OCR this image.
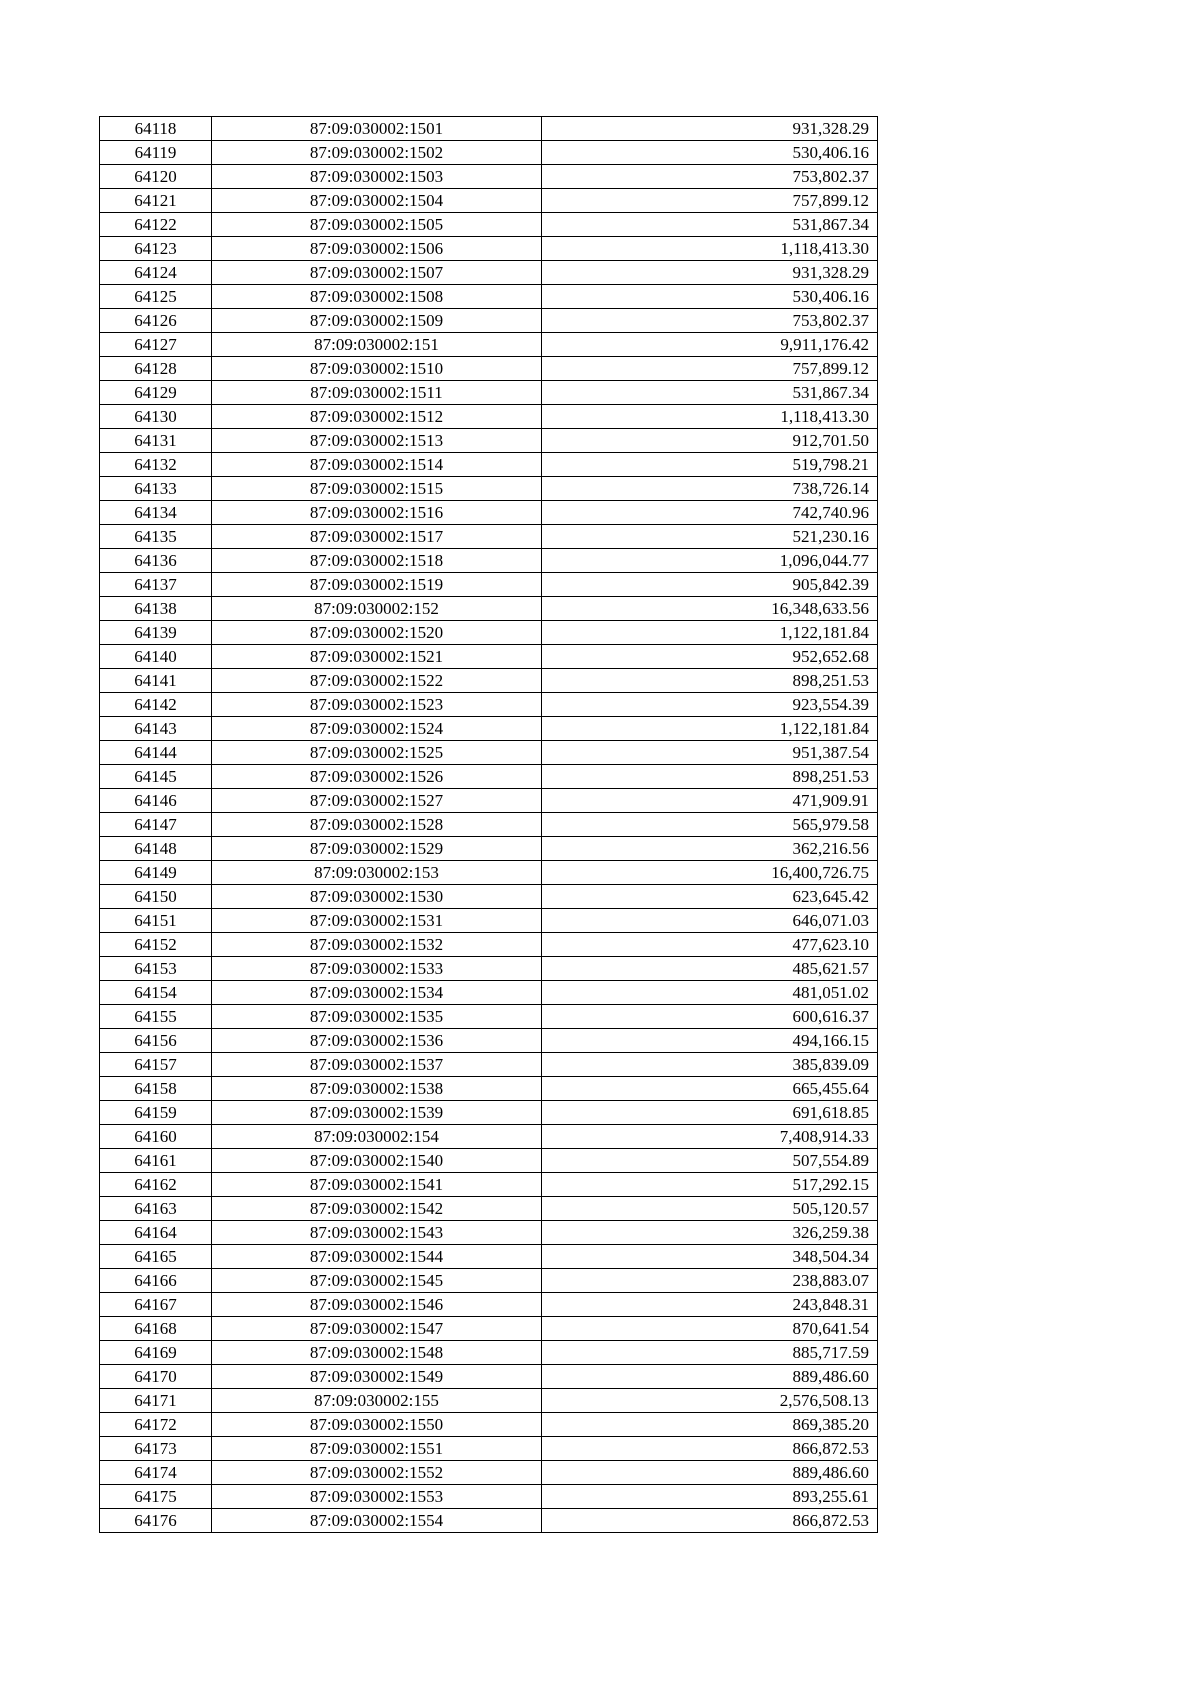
64118	87:09:030002:1501	931,328.29
64119	87:09:030002:1502	530,406.16
64120	87:09:030002:1503	753,802.37
64121	87:09:030002:1504	757,899.12
64122	87:09:030002:1505	531,867.34
64123	87:09:030002:1506	1,118,413.30
64124	87:09:030002:1507	931,328.29
64125	87:09:030002:1508	530,406.16
64126	87:09:030002:1509	753,802.37
64127	87:09:030002:151	9,911,176.42
64128	87:09:030002:1510	757,899.12
64129	87:09:030002:1511	531,867.34
64130	87:09:030002:1512	1,118,413.30
64131	87:09:030002:1513	912,701.50
64132	87:09:030002:1514	519,798.21
64133	87:09:030002:1515	738,726.14
64134	87:09:030002:1516	742,740.96
64135	87:09:030002:1517	521,230.16
64136	87:09:030002:1518	1,096,044.77
64137	87:09:030002:1519	905,842.39
64138	87:09:030002:152	16,348,633.56
64139	87:09:030002:1520	1,122,181.84
64140	87:09:030002:1521	952,652.68
64141	87:09:030002:1522	898,251.53
64142	87:09:030002:1523	923,554.39
64143	87:09:030002:1524	1,122,181.84
64144	87:09:030002:1525	951,387.54
64145	87:09:030002:1526	898,251.53
64146	87:09:030002:1527	471,909.91
64147	87:09:030002:1528	565,979.58
64148	87:09:030002:1529	362,216.56
64149	87:09:030002:153	16,400,726.75
64150	87:09:030002:1530	623,645.42
64151	87:09:030002:1531	646,071.03
64152	87:09:030002:1532	477,623.10
64153	87:09:030002:1533	485,621.57
64154	87:09:030002:1534	481,051.02
64155	87:09:030002:1535	600,616.37
64156	87:09:030002:1536	494,166.15
64157	87:09:030002:1537	385,839.09
64158	87:09:030002:1538	665,455.64
64159	87:09:030002:1539	691,618.85
64160	87:09:030002:154	7,408,914.33
64161	87:09:030002:1540	507,554.89
64162	87:09:030002:1541	517,292.15
64163	87:09:030002:1542	505,120.57
64164	87:09:030002:1543	326,259.38
64165	87:09:030002:1544	348,504.34
64166	87:09:030002:1545	238,883.07
64167	87:09:030002:1546	243,848.31
64168	87:09:030002:1547	870,641.54
64169	87:09:030002:1548	885,717.59
64170	87:09:030002:1549	889,486.60
64171	87:09:030002:155	2,576,508.13
64172	87:09:030002:1550	869,385.20
64173	87:09:030002:1551	866,872.53
64174	87:09:030002:1552	889,486.60
64175	87:09:030002:1553	893,255.61
64176	87:09:030002:1554	866,872.53
